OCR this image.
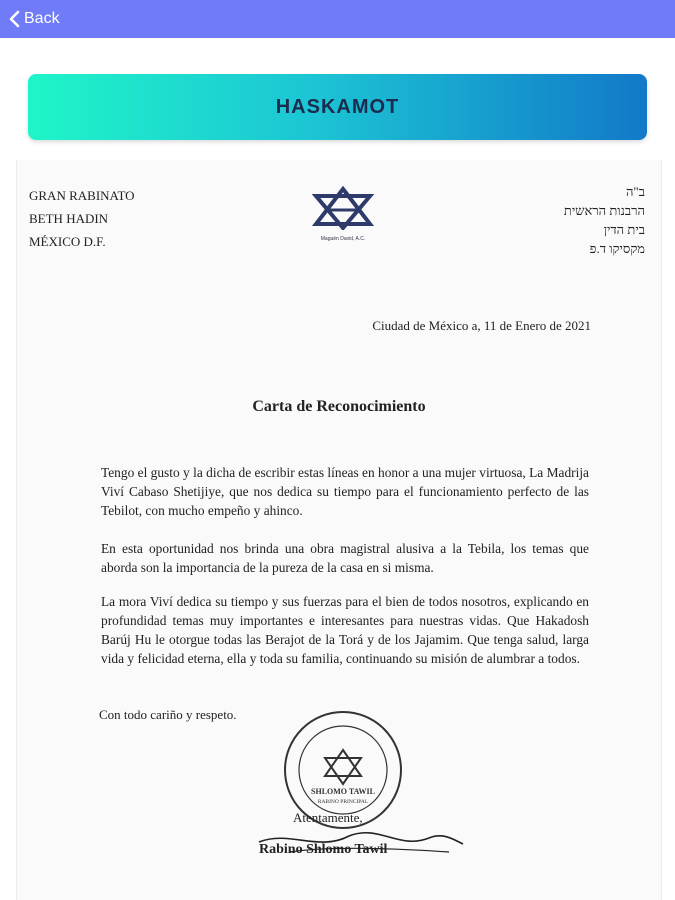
Back
HASKAMOT
GRAN RABINATO
BETH HADIN
MÉXICO D.F.	Maguén David, A.C.
ב"ה
הרבנות הראשית
בית הדין
מקסיקו ד.פ
Ciudad de México a, 11 de Enero de 2021
Carta de Reconocimiento
Tengo el gusto y la dicha de escribir estas líneas en honor a una mujer virtuosa, La Madrija Viví Cabaso Shetijiye, que nos dedica su tiempo para el funcionamiento perfecto de las Tebilot, con mucho empeño y ahinco.
En esta oportunidad nos brinda una obra magistral alusiva a la Tebila, los temas que aborda son la importancia de la pureza de la casa en si misma.
La mora Viví dedica su tiempo y sus fuerzas para el bien de todos nosotros, explicando en profundidad temas muy importantes e interesantes para nuestras vidas. Que Hakadosh Barúj Hu le otorgue todas las Berajot de la Torá y de los Jajamim. Que tenga salud, larga vida y felicidad eterna, ella y toda su familia, continuando su misión de alumbrar a todos.
Con todo cariño y respeto.
SHLOMO TAWIL
RABINO PRINCIPAL
Atentamente,
Rabino Shlomo Tawil
